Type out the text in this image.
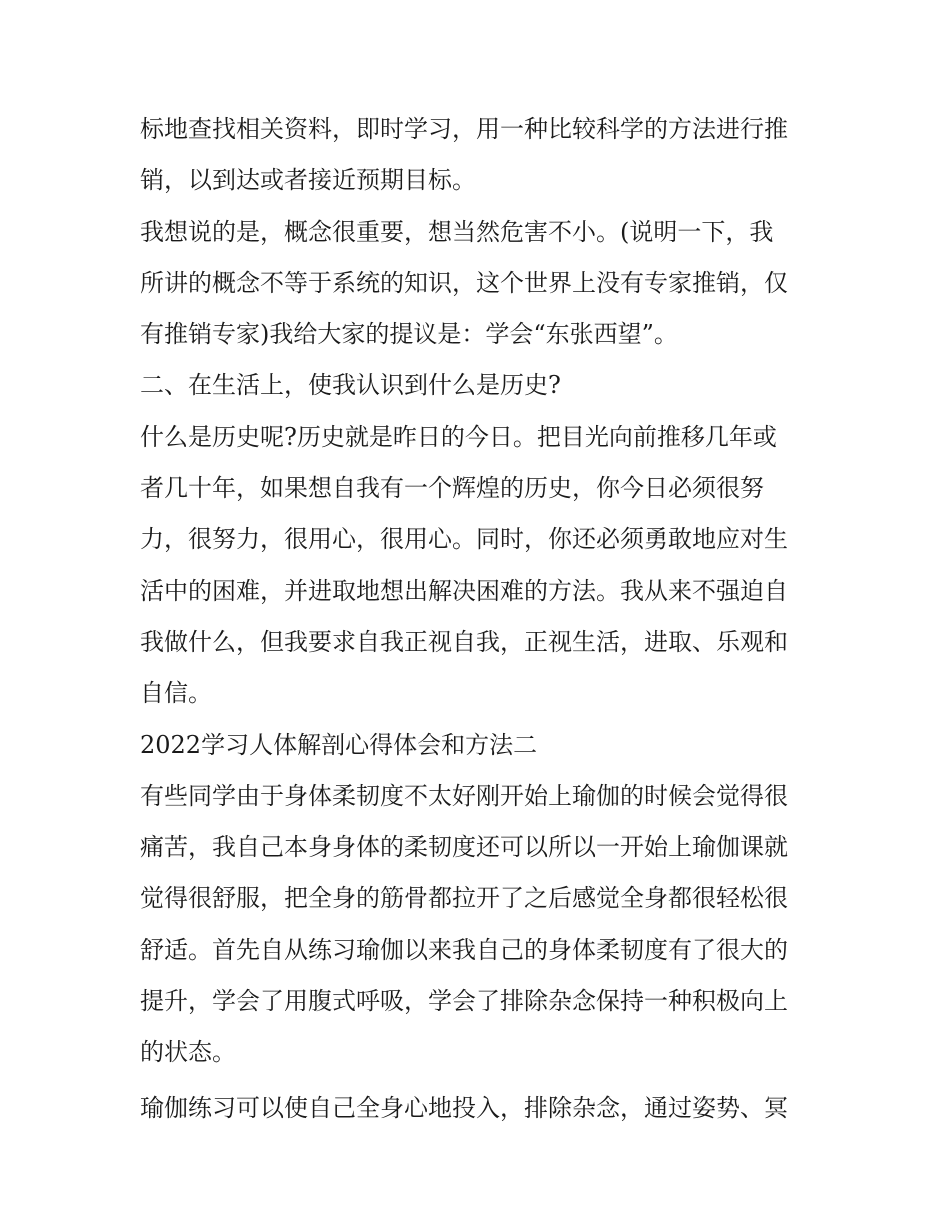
标地查找相关资料，即时学习，用一种比较科学的方法进行推
销，以到达或者接近预期目标。
我想说的是，概念很重要，想当然危害不小。(说明一下，我
所讲的概念不等于系统的知识，这个世界上没有专家推销，仅
有推销专家)我给大家的提议是：学会“东张西望”。
二、在生活上，使我认识到什么是历史?
什么是历史呢?历史就是昨日的今日。把目光向前推移几年或
者几十年，如果想自我有一个辉煌的历史，你今日必须很努
力，很努力，很用心，很用心。同时，你还必须勇敢地应对生
活中的困难，并进取地想出解决困难的方法。我从来不强迫自
我做什么，但我要求自我正视自我，正视生活，进取、乐观和
自信。
2022学习人体解剖心得体会和方法二
有些同学由于身体柔韧度不太好刚开始上瑜伽的时候会觉得很
痛苦，我自己本身身体的柔韧度还可以所以一开始上瑜伽课就
觉得很舒服，把全身的筋骨都拉开了之后感觉全身都很轻松很
舒适。首先自从练习瑜伽以来我自己的身体柔韧度有了很大的
提升，学会了用腹式呼吸，学会了排除杂念保持一种积极向上
的状态。
瑜伽练习可以使自己全身心地投入，排除杂念，通过姿势、冥
